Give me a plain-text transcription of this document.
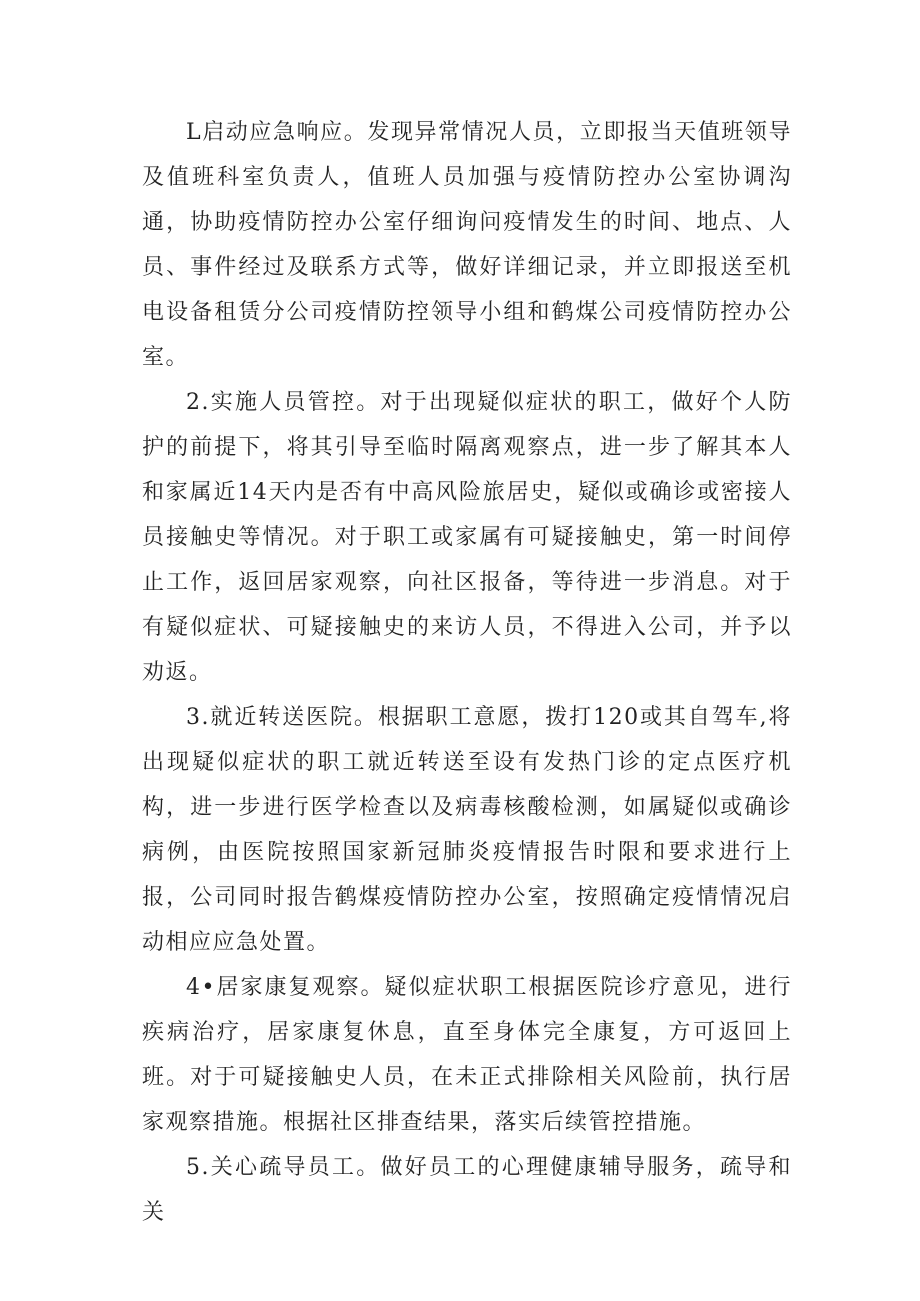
L启动应急响应。发现异常情况人员，立即报当天值班领导及值班科室负责人，值班人员加强与疫情防控办公室协调沟通，协助疫情防控办公室仔细询问疫情发生的时间、地点、人员、事件经过及联系方式等，做好详细记录，并立即报送至机电设备租赁分公司疫情防控领导小组和鹤煤公司疫情防控办公室。

2.实施人员管控。对于出现疑似症状的职工，做好个人防护的前提下，将其引导至临时隔离观察点，进一步了解其本人和家属近14天内是否有中高风险旅居史，疑似或确诊或密接人员接触史等情况。对于职工或家属有可疑接触史，第一时间停止工作，返回居家观察，向社区报备，等待进一步消息。对于有疑似症状、可疑接触史的来访人员，不得进入公司，并予以劝返。

3.就近转送医院。根据职工意愿，拨打120或其自驾车,将出现疑似症状的职工就近转送至设有发热门诊的定点医疗机构，进一步进行医学检查以及病毒核酸检测，如属疑似或确诊病例，由医院按照国家新冠肺炎疫情报告时限和要求进行上报，公司同时报告鹤煤疫情防控办公室，按照确定疫情情况启动相应应急处置。

4•居家康复观察。疑似症状职工根据医院诊疗意见，进行疾病治疗，居家康复休息，直至身体完全康复，方可返回上班。对于可疑接触史人员，在未正式排除相关风险前，执行居家观察措施。根据社区排查结果，落实后续管控措施。

5.关心疏导员工。做好员工的心理健康辅导服务，疏导和关
